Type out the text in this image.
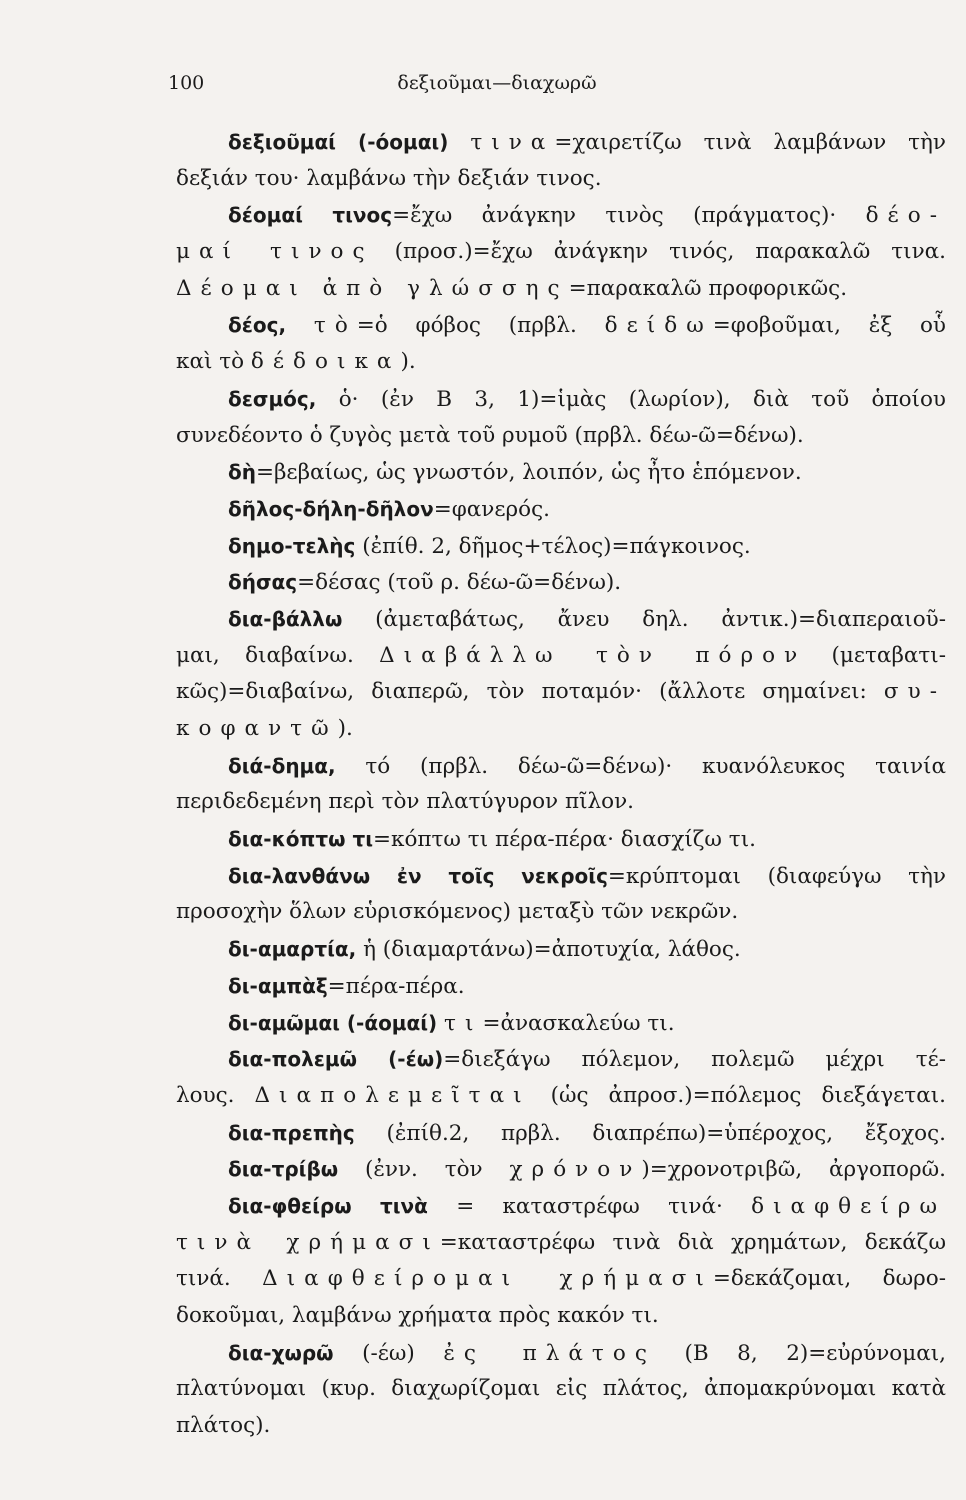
100	δεξιοῦμαι—διαχωρῶ
δεξιοῦμαί (-όομαι) τινα=χαιρετίζω τινὰ λαμβάνων τὴν
δεξιάν του· λαμβάνω τὴν δεξιάν τινος.
δέομαί τινος=ἔχω ἀνάγκην τινὸς (πράγματος)· δέο-
μαί τινος (προσ.)=ἔχω ἀνάγκην τινός, παρακαλῶ τινα.
Δέομαι ἀπὸ γλώσσης=παρακαλῶ προφορικῶς.
δέος, τὸ=ὁ φόβος (πρβλ. δείδω=φοβοῦμαι, ἐξ οὗ
καὶ τὸ δέδοικα).
δεσμός, ὁ· (ἐν Β 3, 1)=ἱμὰς (λωρίον), διὰ τοῦ ὁποίου
συνεδέοντο ὁ ζυγὸς μετὰ τοῦ ρυμοῦ (πρβλ. δέω-ῶ=δένω).
δὴ=βεβαίως, ὡς γνωστόν, λοιπόν, ὡς ἦτο ἑπόμενον.
δῆλος-δήλη-δῆλον=φανερός.
δημο-τελὴς (ἐπίθ. 2, δῆμος+τέλος)=πάγκοινος.
δήσας=δέσας (τοῦ ρ. δέω-ῶ=δένω).
δια-βάλλω (ἀμεταβάτως, ἄνευ δηλ. ἀντικ.)=διαπεραιοῦ-
μαι, διαβαίνω. Διαβάλλω τὸν πόρον (μεταβατι-
κῶς)=διαβαίνω, διαπερῶ, τὸν ποταμόν· (ἄλλοτε σημαίνει: συ-
κοφαντῶ).
διά-δημα, τό (πρβλ. δέω-ῶ=δένω)· κυανόλευκος ταινία
περιδεδεμένη περὶ τὸν πλατύγυρον πῖλον.
δια-κόπτω τι=κόπτω τι πέρα-πέρα· διασχίζω τι.
δια-λανθάνω ἐν τοῖς νεκροῖς=κρύπτομαι (διαφεύγω τὴν
προσοχὴν ὅλων εὑρισκόμενος) μεταξὺ τῶν νεκρῶν.
δι-αμαρτία, ἡ (διαμαρτάνω)=ἀποτυχία, λάθος.
δι-αμπὰξ=πέρα-πέρα.
δι-αμῶμαι (-άομαί) τι=ἀνασκαλεύω τι.
δια-πολεμῶ (-έω)=διεξάγω πόλεμον, πολεμῶ μέχρι τέ-
λους. Διαπολεμεῖται (ὡς ἀπροσ.)=πόλεμος διεξάγεται.
δια-πρεπὴς (ἐπίθ.2, πρβλ. διαπρέπω)=ὑπέροχος, ἔξοχος.
δια-τρίβω (ἐνν. τὸν χρόνον)=χρονοτριβῶ, ἀργοπορῶ.
δια-φθείρω τινὰ = καταστρέφω τινά· διαφθείρω
τινὰ χρήμασι=καταστρέφω τινὰ διὰ χρημάτων, δεκάζω
τινά. Διαφθείρομαι χρήμασι=δεκάζομαι, δωρο-
δοκοῦμαι, λαμβάνω χρήματα πρὸς κακόν τι.
δια-χωρῶ (-έω) ἐς πλάτος (Β 8, 2)=εὐρύνομαι,
πλατύνομαι (κυρ. διαχωρίζομαι εἰς πλάτος, ἀπομακρύνομαι κατὰ
πλάτος).
